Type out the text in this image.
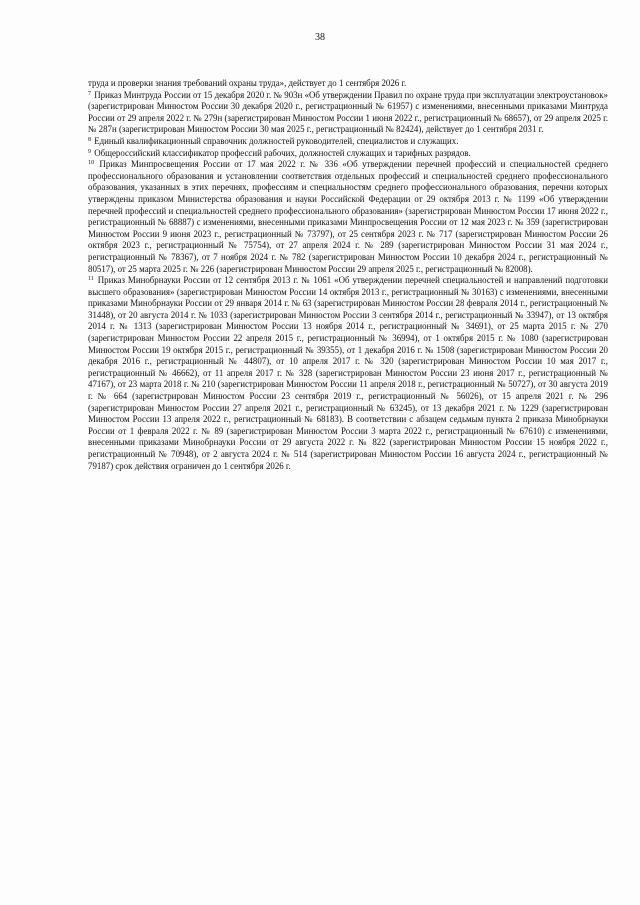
38

труда и проверки знания требований охраны труда», действует до 1 сентября 2026 г.

$^7$ Приказ Минтруда России от 15 декабря 2020 г. № 903н «Об утверждении Правил по охране труда при эксплуатации электроустановок» (зарегистрирован Минюстом России 30 декабря 2020 г., регистрационный № 61957) с изменениями, внесенными приказами Минтруда России от 29 апреля 2022 г. № 279н (зарегистрирован Минюстом России 1 июня 2022 г., регистрационный № 68657), от 29 апреля 2025 г. № 287н (зарегистрирован Минюстом России 30 мая 2025 г., регистрационный № 82424), действует до 1 сентября 2031 г.

$^8$ Единый квалификационный справочник должностей руководителей, специалистов и служащих.

$^9$ Общероссийский классификатор профессий рабочих, должностей служащих и тарифных разрядов.

$^{10}$ Приказ Минпросвещения России от 17 мая 2022 г. № 336 «Об утверждении перечней профессий и специальностей среднего профессионального образования и установлении соответствия отдельных профессий и специальностей среднего профессионального образования, указанных в этих перечнях, профессиям и специальностям среднего профессионального образования, перечни которых утверждены приказом Министерства образования и науки Российской Федерации от 29 октября 2013 г. № 1199 «Об утверждении перечней профессий и специальностей среднего профессионального образования» (зарегистрирован Минюстом России 17 июня 2022 г., регистрационный № 68887) с изменениями, внесенными приказами Минпросвещения России от 12 мая 2023 г. № 359 (зарегистрирован Минюстом России 9 июня 2023 г., регистрационный № 73797), от 25 сентября 2023 г. № 717 (зарегистрирован Минюстом России 26 октября 2023 г., регистрационный № 75754), от 27 апреля 2024 г. № 289 (зарегистрирован Минюстом России 31 мая 2024 г., регистрационный № 78367), от 7 ноября 2024 г. № 782 (зарегистрирован Минюстом России 10 декабря 2024 г., регистрационный № 80517), от 25 марта 2025 г. № 226 (зарегистрирован Минюстом России 29 апреля 2025 г., регистрационный № 82008).

$^{11}$ Приказ Минобрнауки России от 12 сентября 2013 г. № 1061 «Об утверждении перечней специальностей и направлений подготовки высшего образования» (зарегистрирован Минюстом России 14 октября 2013 г., регистрационный № 30163) с изменениями, внесенными приказами Минобрнауки России от 29 января 2014 г. № 63 (зарегистрирован Минюстом России 28 февраля 2014 г., регистрационный № 31448), от 20 августа 2014 г. № 1033 (зарегистрирован Минюстом России 3 сентября 2014 г., регистрационный № 33947), от 13 октября 2014 г. № 1313 (зарегистрирован Минюстом России 13 ноября 2014 г., регистрационный № 34691), от 25 марта 2015 г. № 270 (зарегистрирован Минюстом России 22 апреля 2015 г., регистрационный № 36994), от 1 октября 2015 г. № 1080 (зарегистрирован Минюстом России 19 октября 2015 г., регистрационный № 39355), от 1 декабря 2016 г. № 1508 (зарегистрирован Минюстом России 20 декабря 2016 г., регистрационный № 44807), от 10 апреля 2017 г. № 320 (зарегистрирован Минюстом России 10 мая 2017 г., регистрационный № 46662), от 11 апреля 2017 г. № 328 (зарегистрирован Минюстом России 23 июня 2017 г., регистрационный № 47167), от 23 марта 2018 г. № 210 (зарегистрирован Минюстом России 11 апреля 2018 г., регистрационный № 50727), от 30 августа 2019 г. № 664 (зарегистрирован Минюстом России 23 сентября 2019 г., регистрационный № 56026), от 15 апреля 2021 г. № 296 (зарегистрирован Минюстом России 27 апреля 2021 г., регистрационный № 63245), от 13 декабря 2021 г. № 1229 (зарегистрирован Минюстом России 13 апреля 2022 г., регистрационный № 68183). В соответствии с абзацем седьмым пункта 2 приказа Минобрнауки России от 1 февраля 2022 г. № 89 (зарегистрирован Минюстом России 3 марта 2022 г., регистрационный № 67610) с изменениями, внесенными приказами Минобрнауки России от 29 августа 2022 г. № 822 (зарегистрирован Минюстом России 15 ноября 2022 г., регистрационный № 70948), от 2 августа 2024 г. № 514 (зарегистрирован Минюстом России 16 августа 2024 г., регистрационный № 79187) срок действия ограничен до 1 сентября 2026 г.
